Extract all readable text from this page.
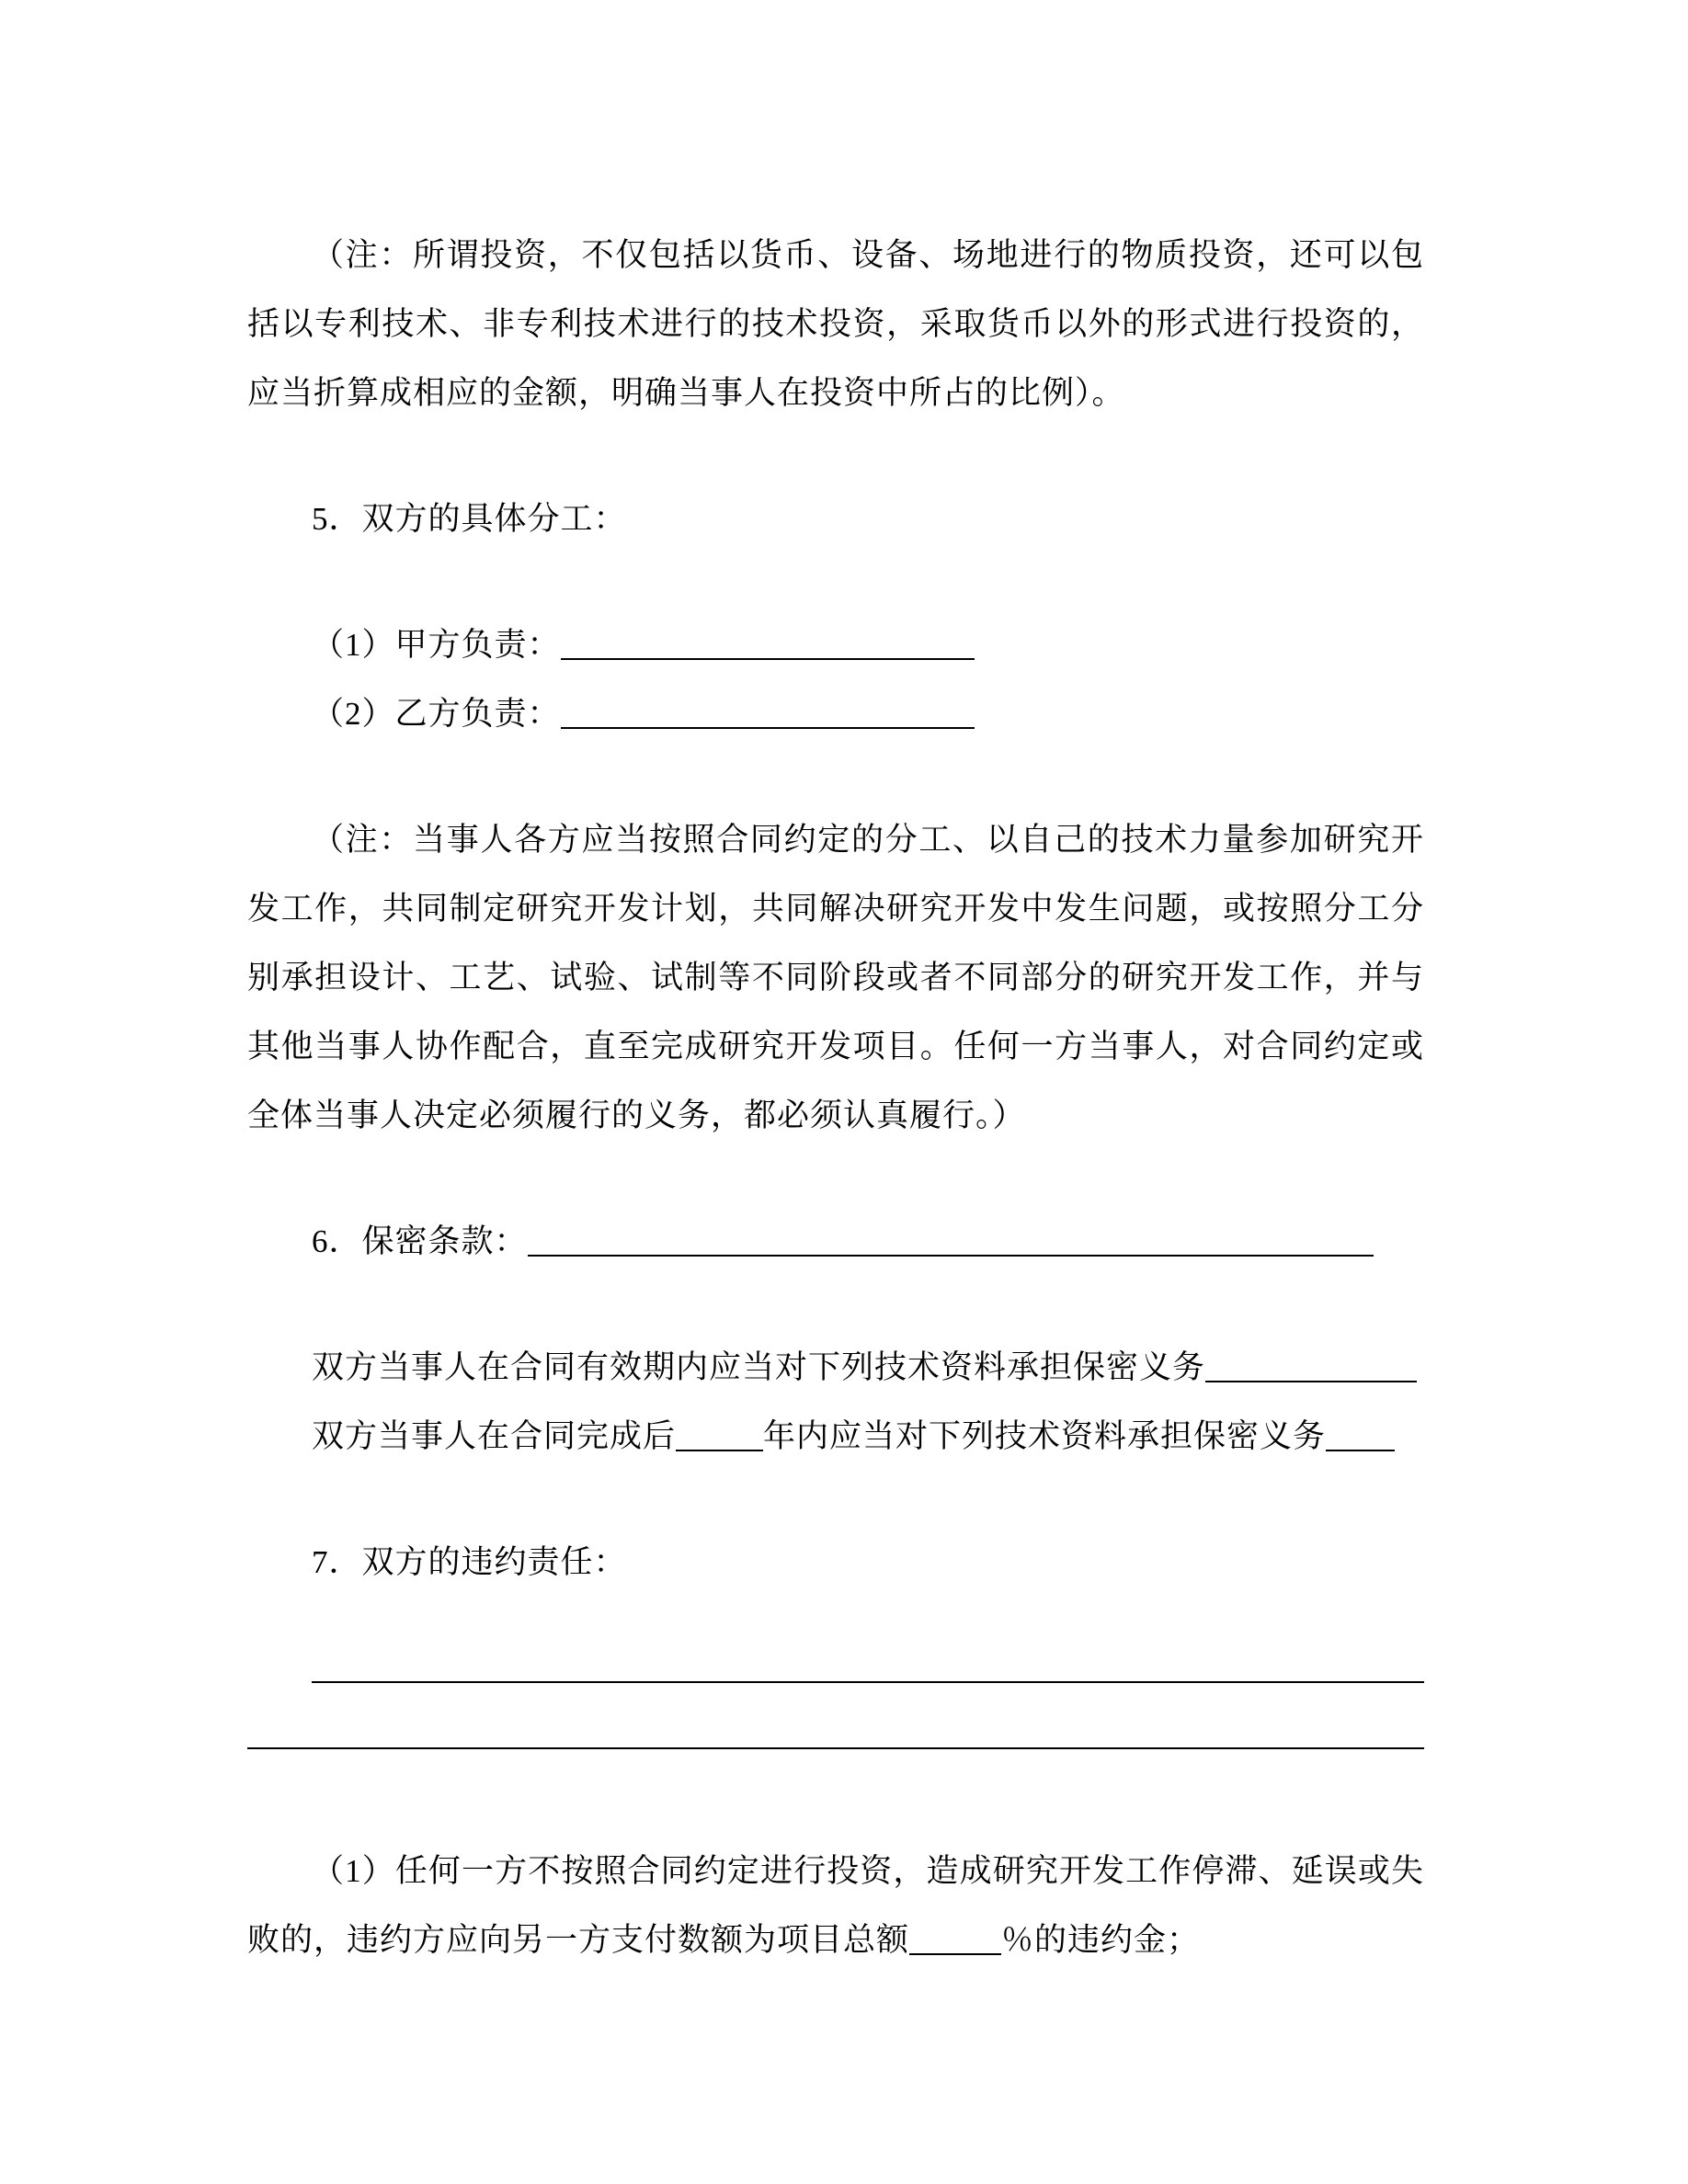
（注：所谓投资，不仅包括以货币、设备、场地进行的物质投资，还可以包括以专利技术、非专利技术进行的技术投资，采取货币以外的形式进行投资的，应当折算成相应的金额，明确当事人在投资中所占的比例）。

5．双方的具体分工：

（1）甲方负责：

（2）乙方负责：

（注：当事人各方应当按照合同约定的分工、以自己的技术力量参加研究开发工作，共同制定研究开发计划，共同解决研究开发中发生问题，或按照分工分别承担设计、工艺、试验、试制等不同阶段或者不同部分的研究开发工作，并与其他当事人协作配合，直至完成研究开发项目。任何一方当事人，对合同约定或全体当事人决定必须履行的义务，都必须认真履行。）

6．保密条款：

双方当事人在合同有效期内应当对下列技术资料承担保密义务

双方当事人在合同完成后	年内应当对下列技术资料承担保密义务

7．双方的违约责任：

（1）任何一方不按照合同约定进行投资，造成研究开发工作停滞、延误或失败的，违约方应向另一方支付数额为项目总额	％的违约金；
